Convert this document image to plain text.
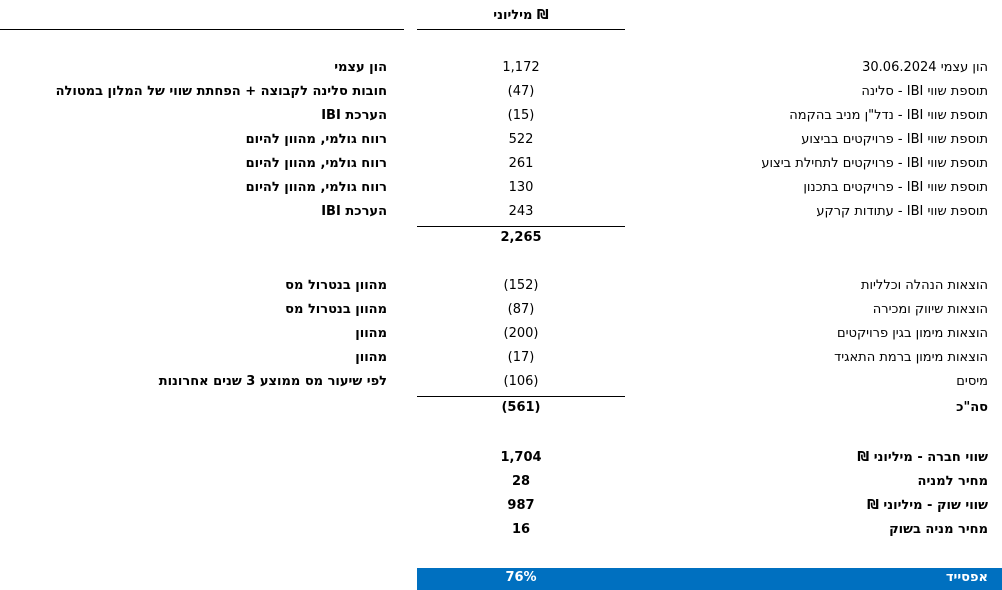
מיליוני ₪
הון עצמי 30.06.2024
1,172
הון עצמי
תוספת שווי IBI - סלינה
(47)
חובות סלינה לקבוצה + הפחתת שווי של המלון במטולה
תוספת שווי IBI - נדל"ן מניב בהקמה
(15)
הערכת IBI
תוספת שווי IBI - פרויקטים בביצוע
522
רווח גולמי, מהוון להיום
תוספת שווי IBI - פרויקטים לתחילת ביצוע
261
רווח גולמי, מהוון להיום
תוספת שווי IBI - פרויקטים בתכנון
130
רווח גולמי, מהוון להיום
תוספת שווי IBI - עתודות קרקע
243
הערכת IBI
2,265
הוצאות הנהלה וכלליות
(152)
מהוון בנטרול מס
הוצאות שיווק ומכירה
(87)
מהוון בנטרול מס
הוצאות מימון בגין פרויקטים
(200)
מהוון
הוצאות מימון ברמת התאגיד
(17)
מהוון
מיסים
(106)
לפי שיעור מס ממוצע 3 שנים אחרונות
סה"כ
(561)
שווי חברה - מיליוני ₪
1,704
מחיר למניה
28
שווי שוק - מיליוני ₪
987
מחיר מניה בשוק
16
אפסייד
76%
